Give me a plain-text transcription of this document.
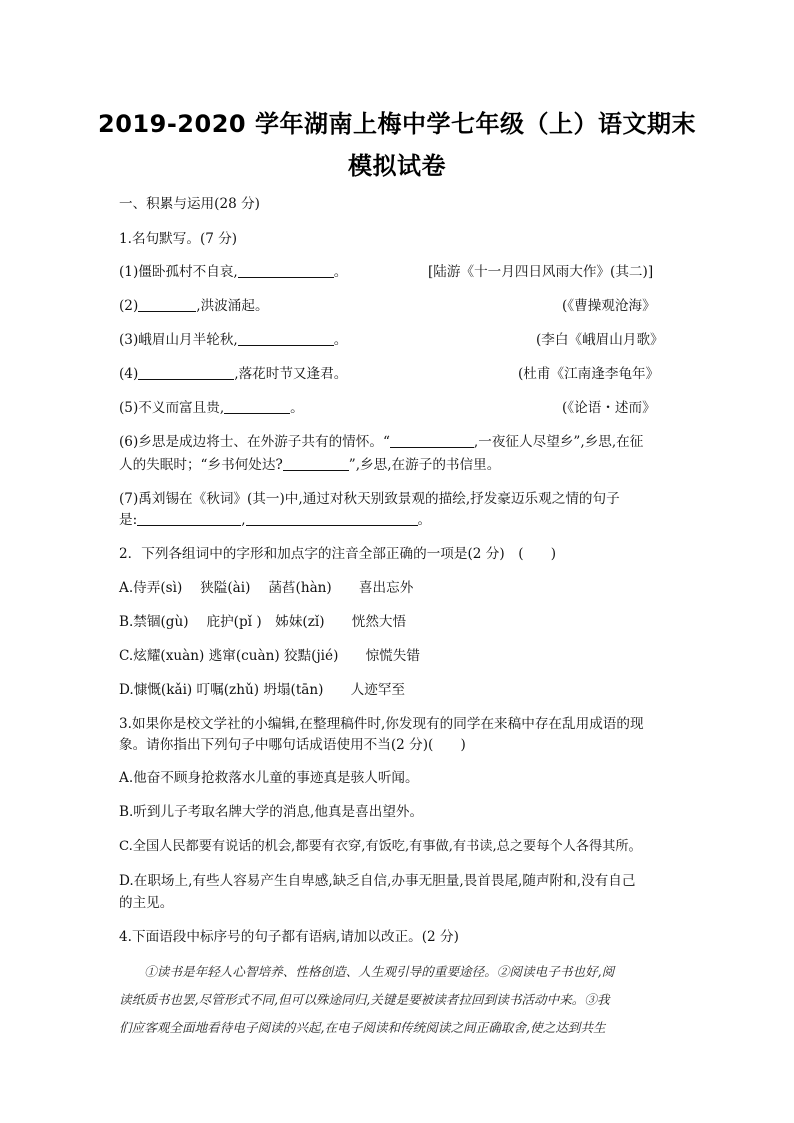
2019-2020 学年湖南上梅中学七年级（上）语文期末
模拟试卷
一、积累与运用(28 分)
1.名句默写。(7 分)
(1)僵卧孤村不自哀,	。	[陆游《十一月四日风雨大作》(其二)]
(2)	,洪波涌起。	(《曹操观沧海》
(3)峨眉山月半轮秋,	。	(李白《峨眉山月歌》
(4)	,落花时节又逢君。	(杜甫《江南逢李龟年》
(5)不义而富且贵,	。	(《论语・述而》
(6)乡思是成边将士、在外游子共有的情怀。“	,一夜征人尽望乡”,乡思,在征
人的失眠时；“乡书何处达?	”,乡思,在游子的书信里。
(7)禹刘锡在《秋词》(其一)中,通过对秋天别致景观的描绘,抒发豪迈乐观之情的句子
是:	,	。
2．下列各组词中的字形和加点字的注音全部正确的一项是(2 分)　(　　)
A.侍弄(sì)　 狭隘(ài)　 菡萏(hàn)　　喜出忘外
B.禁锢(gù)　 庇护(pǐ )　姊妹(zǐ)　　恍然大悟
C.炫耀(xuàn) 逃窜(cuàn) 狡黠(jié)　　惊慌失错
D.慷慨(kǎi) 叮嘱(zhǔ) 坍塌(tān)　　人迹罕至
3.如果你是校文学社的小编辑,在整理稿件时,你发现有的同学在来稿中存在乱用成语的现
象。请你指出下列句子中哪句话成语使用不当(2 分)(　　)
A.他奋不顾身抢救落水儿童的事迹真是骇人听闻。
B.听到儿子考取名牌大学的消息,他真是喜出望外。
C.全国人民都要有说话的机会,都要有衣穿,有饭吃,有事做,有书读,总之要每个人各得其所。
D.在职场上,有些人容易产生自卑感,缺乏自信,办事无胆量,畏首畏尾,随声附和,没有自己
的主见。
4.下面语段中标序号的句子都有语病,请加以改正。(2 分)
　　①读书是年轻人心智培养、性格创造、人生观引导的重要途径。②阅读电子书也好,阅
读纸质书也罢,尽管形式不同,但可以殊途同归,关键是要被读者拉回到读书活动中来。③我
们应客观全面地看待电子阅读的兴起,在电子阅读和传统阅读之间正确取舍,使之达到共生
